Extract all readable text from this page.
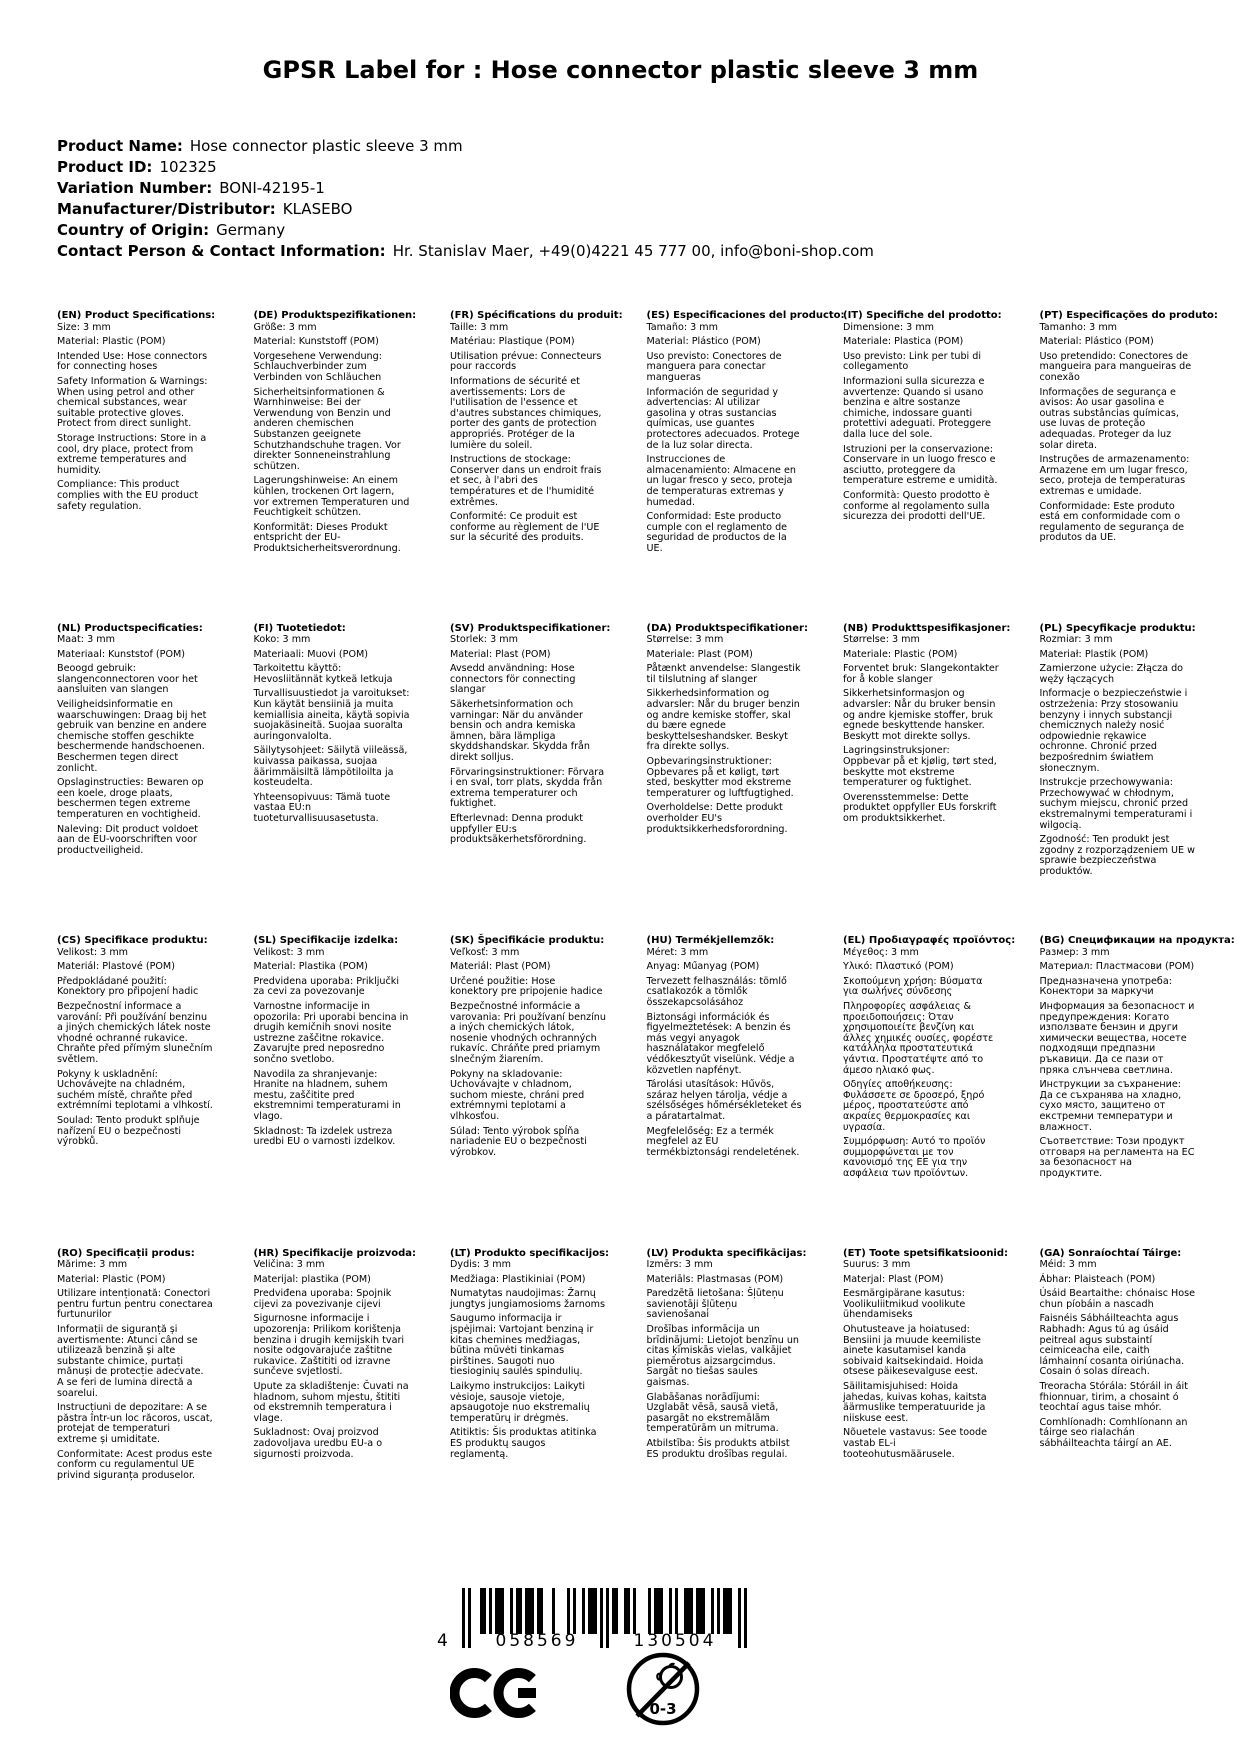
GPSR Label for : Hose connector plastic sleeve 3 mm
Product Name: Hose connector plastic sleeve 3 mm
Product ID: 102325
Variation Number: BONI-42195-1
Manufacturer/Distributor: KLASEBO
Country of Origin: Germany
Contact Person & Contact Information: Hr. Stanislav Maer, +49(0)4221 45 777 00, info@boni-shop.com
(EN) Product Specifications:

Size: 3 mm

Material: Plastic (POM)

Intended Use: Hose connectors for connecting hoses

Safety Information & Warnings: When using petrol and other chemical substances, wear suitable protective gloves. Protect from direct sunlight.

Storage Instructions: Store in a cool, dry place, protect from extreme temperatures and humidity.

Compliance: This product complies with the EU product safety regulation.

(DE) Produktspezifikationen:

Größe: 3 mm

Material: Kunststoff (POM)

Vorgesehene Verwendung: Schlauchverbinder zum Verbinden von Schläuchen

Sicherheitsinformationen & Warnhinweise: Bei der Verwendung von Benzin und anderen chemischen Substanzen geeignete Schutzhandschuhe tragen. Vor direkter Sonneneinstrahlung schützen.

Lagerungshinweise: An einem kühlen, trockenen Ort lagern, vor extremen Temperaturen und Feuchtigkeit schützen.

Konformität: Dieses Produkt entspricht der EU-Produktsicherheitsverordnung.

(FR) Spécifications du produit:

Taille: 3 mm

Matériau: Plastique (POM)

Utilisation prévue: Connecteurs pour raccords

Informations de sécurité et avertissements: Lors de l'utilisation de l'essence et d'autres substances chimiques, porter des gants de protection appropriés. Protéger de la lumière du soleil.

Instructions de stockage: Conserver dans un endroit frais et sec, à l'abri des températures et de l'humidité extrêmes.

Conformité: Ce produit est conforme au règlement de l'UE sur la sécurité des produits.

(ES) Especificaciones del producto:

Tamaño: 3 mm

Material: Plástico (POM)

Uso previsto: Conectores de manguera para conectar mangueras

Información de seguridad y advertencias: Al utilizar gasolina y otras sustancias químicas, use guantes protectores adecuados. Protege de la luz solar directa.

Instrucciones de almacenamiento: Almacene en un lugar fresco y seco, proteja de temperaturas extremas y humedad.

Conformidad: Este producto cumple con el reglamento de seguridad de productos de la UE.

(IT) Specifiche del prodotto:

Dimensione: 3 mm

Materiale: Plastica (POM)

Uso previsto: Link per tubi di collegamento

Informazioni sulla sicurezza e avvertenze: Quando si usano benzina e altre sostanze chimiche, indossare guanti protettivi adeguati. Proteggere dalla luce del sole.

Istruzioni per la conservazione: Conservare in un luogo fresco e asciutto, proteggere da temperature estreme e umidità.

Conformità: Questo prodotto è conforme al regolamento sulla sicurezza dei prodotti dell'UE.

(PT) Especificações do produto:

Tamanho: 3 mm

Material: Plástico (POM)

Uso pretendido: Conectores de mangueira para mangueiras de conexão

Informações de segurança e avisos: Ao usar gasolina e outras substâncias químicas, use luvas de proteção adequadas. Proteger da luz solar direta.

Instruções de armazenamento: Armazene em um lugar fresco, seco, proteja de temperaturas extremas e umidade.

Conformidade: Este produto está em conformidade com o regulamento de segurança de produtos da UE.

(NL) Productspecificaties:

Maat: 3 mm

Materiaal: Kunststof (POM)

Beoogd gebruik: slangenconnectoren voor het aansluiten van slangen

Veiligheidsinformatie en waarschuwingen: Draag bij het gebruik van benzine en andere chemische stoffen geschikte beschermende handschoenen. Beschermen tegen direct zonlicht.

Opslaginstructies: Bewaren op een koele, droge plaats, beschermen tegen extreme temperaturen en vochtigheid.

Naleving: Dit product voldoet aan de EU-voorschriften voor productveiligheid.

(FI) Tuotetiedot:

Koko: 3 mm

Materiaali: Muovi (POM)

Tarkoitettu käyttö: Hevosliitännät kytkeä letkuja

Turvallisuustiedot ja varoitukset: Kun käytät bensiiniä ja muita kemiallisia aineita, käytä sopivia suojakäsineitä. Suojaa suoralta auringonvalolta.

Säilytysohjeet: Säilytä viileässä, kuivassa paikassa, suojaa äärimmäisiltä lämpötiloilta ja kosteudelta.

Yhteensopivuus: Tämä tuote vastaa EU:n tuoteturvallisuusasetusta.

(SV) Produktspecifikationer:

Storlek: 3 mm

Material: Plast (POM)

Avsedd användning: Hose connectors för connecting slangar

Säkerhetsinformation och varningar: När du använder bensin och andra kemiska ämnen, bära lämpliga skyddshandskar. Skydda från direkt solljus.

Förvaringsinstruktioner: Förvara i en sval, torr plats, skydda från extrema temperaturer och fuktighet.

Efterlevnad: Denna produkt uppfyller EU:s produktsäkerhetsförordning.

(DA) Produktspecifikationer:

Størrelse: 3 mm

Materiale: Plast (POM)

Påtænkt anvendelse: Slangestik til tilslutning af slanger

Sikkerhedsinformation og advarsler: Når du bruger benzin og andre kemiske stoffer, skal du bære egnede beskyttelseshandsker. Beskyt fra direkte sollys.

Opbevaringsinstruktioner: Opbevares på et køligt, tørt sted, beskytter mod ekstreme temperaturer og luftfugtighed.

Overholdelse: Dette produkt overholder EU's produktsikkerhedsforordning.

(NB) Produkttspesifikasjoner:

Størrelse: 3 mm

Materiale: Plastic (POM)

Forventet bruk: Slangekontakter for å koble slanger

Sikkerhetsinformasjon og advarsler: Når du bruker bensin og andre kjemiske stoffer, bruk egnede beskyttende hansker. Beskytt mot direkte sollys.

Lagringsinstruksjoner: Oppbevar på et kjølig, tørt sted, beskytte mot ekstreme temperaturer og fuktighet.

Overensstemmelse: Dette produktet oppfyller EUs forskrift om produktsikkerhet.

(PL) Specyfikacje produktu:

Rozmiar: 3 mm

Materiał: Plastik (POM)

Zamierzone użycie: Złącza do węży łączących

Informacje o bezpieczeństwie i ostrzeżenia: Przy stosowaniu benzyny i innych substancji chemicznych należy nosić odpowiednie rękawice ochronne. Chronić przed bezpośrednim światłem słonecznym.

Instrukcje przechowywania: Przechowywać w chłodnym, suchym miejscu, chronić przed ekstremalnymi temperaturami i wilgocią.

Zgodność: Ten produkt jest zgodny z rozporządzeniem UE w sprawie bezpieczeństwa produktów.

(CS) Specifikace produktu:

Velikost: 3 mm

Materiál: Plastové (POM)

Předpokládané použití: Konektory pro připojení hadic

Bezpečnostní informace a varování: Při používání benzinu a jiných chemických látek noste vhodné ochranné rukavice. Chraňte před přímým slunečním světlem.

Pokyny k uskladnění: Uchovávejte na chladném, suchém místě, chraňte před extrémními teplotami a vlhkostí.

Soulad: Tento produkt splňuje nařízení EU o bezpečnosti výrobků.

(SL) Specifikacije izdelka:

Velikost: 3 mm

Material: Plastika (POM)

Predvidena uporaba: Priključki za cevi za povezovanje

Varnostne informacije in opozorila: Pri uporabi bencina in drugih kemičnih snovi nosite ustrezne zaščitne rokavice. Zavarujte pred neposredno sončno svetlobo.

Navodila za shranjevanje: Hranite na hladnem, suhem mestu, zaščitite pred ekstremnimi temperaturami in vlago.

Skladnost: Ta izdelek ustreza uredbi EU o varnosti izdelkov.

(SK) Špecifikácie produktu:

Veľkosť: 3 mm

Materiál: Plast (POM)

Určené použitie: Hose konektory pre pripojenie hadice

Bezpečnostné informácie a varovania: Pri používaní benzínu a iných chemických látok, nosenie vhodných ochranných rukavíc. Chráňte pred priamym slnečným žiarením.

Pokyny na skladovanie: Uchovávajte v chladnom, suchom mieste, chráni pred extrémnymi teplotami a vlhkosťou.

Súlad: Tento výrobok spĺňa nariadenie EÚ o bezpečnosti výrobkov.

(HU) Termékjellemzők:

Méret: 3 mm

Anyag: Műanyag (POM)

Tervezett felhasználás: tömlő csatlakozók a tömlők összekapcsolásához

Biztonsági információk és figyelmeztetések: A benzin és más vegyi anyagok használatakor megfelelő védőkesztyűt viselünk. Védje a közvetlen napfényt.

Tárolási utasítások: Hűvös, száraz helyen tárolja, védje a szélsőséges hőmérsékleteket és a páratartalmat.

Megfelelőség: Ez a termék megfelel az EU termékbiztonsági rendeletének.

(EL) Προδιαγραφές προϊόντος:

Μέγεθος: 3 mm

Υλικό: Πλαστικό (POM)

Σκοπούμενη χρήση: Βύσματα για σωλήνες σύνδεσης

Πληροφορίες ασφάλειας & προειδοποιήσεις: Όταν χρησιμοποιείτε βενζίνη και άλλες χημικές ουσίες, φορέστε κατάλληλα προστατευτικά γάντια. Προστατέψτε από το άμεσο ηλιακό φως.

Οδηγίες αποθήκευσης: Φυλάσσετε σε δροσερό, ξηρό μέρος, προστατεύστε από ακραίες θερμοκρασίες και υγρασία.

Συμμόρφωση: Αυτό το προϊόν συμμορφώνεται με τον κανονισμό της ΕΕ για την ασφάλεια των προϊόντων.

(BG) Спецификации на продукта:

Размер: 3 mm

Материал: Пластмасови (POM)

Предназначена употреба: Конектори за маркучи

Информация за безопасност и предупреждения: Когато използвате бензин и други химически вещества, носете подходящи предпазни ръкавици. Да се пази от пряка слънчева светлина.

Инструкции за съхранение: Да се съхранява на хладно, сухо място, защитено от екстремни температури и влажност.

Съответствие: Този продукт отговаря на регламента на ЕС за безопасност на продуктите.

(RO) Specificații produs:

Mărime: 3 mm

Material: Plastic (POM)

Utilizare intenționată: Conectori pentru furtun pentru conectarea furtunurilor

Informații de siguranță și avertismente: Atunci când se utilizează benzină și alte substante chimice, purtați mănuși de protecție adecvate. A se feri de lumina directă a soarelui.

Instrucțiuni de depozitare: A se păstra într-un loc răcoros, uscat, protejat de temperaturi extreme și umiditate.

Conformitate: Acest produs este conform cu regulamentul UE privind siguranța produselor.

(HR) Specifikacije proizvoda:

Veličina: 3 mm

Materijal: plastika (POM)

Predviđena uporaba: Spojnik cijevi za povezivanje cijevi

Sigurnosne informacije i upozorenja: Prilikom korištenja benzina i drugih kemijskih tvari nosite odgovarajuće zaštitne rukavice. Zaštititi od izravne sunčeve svjetlosti.

Upute za skladištenje: Čuvati na hladnom, suhom mjestu, štititi od ekstremnih temperatura i vlage.

Sukladnost: Ovaj proizvod zadovoljava uredbu EU-a o sigurnosti proizvoda.

(LT) Produkto specifikacijos:

Dydis: 3 mm

Medžiaga: Plastikiniai (POM)

Numatytas naudojimas: Žarnų jungtys jungiamosioms žarnoms

Saugumo informacija ir įspėjimai: Vartojant benziną ir kitas chemines medžiagas, būtina mūvėti tinkamas pirštines. Saugoti nuo tiesioginių saulės spindulių.

Laikymo instrukcijos: Laikyti vėsioje, sausoje vietoje, apsaugotoje nuo ekstremalių temperatūrų ir drėgmės.

Atitiktis: Šis produktas atitinka ES produktų saugos reglamentą.

(LV) Produkta specifikācijas:

Izmērs: 3 mm

Materiāls: Plastmasas (POM)

Paredzētā lietošana: Šļūteņu savienotāji šļūteņu savienošanai

Drošības informācija un brīdinājumi: Lietojot benzīnu un citas ķīmiskās vielas, valkājiet piemērotus aizsargcimdus. Sargāt no tiešas saules gaismas.

Glabāšanas norādījumi: Uzglabāt vēsā, sausā vietā, pasargāt no ekstremālām temperatūrām un mitruma.

Atbilstība: Šis produkts atbilst ES produktu drošības regulai.

(ET) Toote spetsifikatsioonid:

Suurus: 3 mm

Materjal: Plast (POM)

Eesmärgipärane kasutus: Voolikuliitmikud voolikute ühendamiseks

Ohutusteave ja hoiatused: Bensiini ja muude keemiliste ainete kasutamisel kanda sobivaid kaitsekindaid. Hoida otsese päikesevalguse eest.

Säilitamisjuhised: Hoida jahedas, kuivas kohas, kaitsta äärmuslike temperatuuride ja niiskuse eest.

Nõuetele vastavus: See toode vastab EL-i tooteohutusmäärusele.

(GA) Sonraíochtaí Táirge:

Méid: 3 mm

Ábhar: Plaisteach (POM)

Úsáid Beartaithe: chónaisc Hose chun píobáin a nascadh

Faisnéis Sábháilteachta agus Rabhadh: Agus tú ag úsáid peitreal agus substaintí ceimiceacha eile, caith lámhainní cosanta oiriúnacha. Cosain ó solas díreach.

Treoracha Stórála: Stóráil in áit fhionnuar, tirim, a chosaint ó teochtaí agus taise mhór.

Comhlíonadh: Comhlíonann an táirge seo rialachán sábháilteachta táirgí an AE.

4	058569	130504
0-3
